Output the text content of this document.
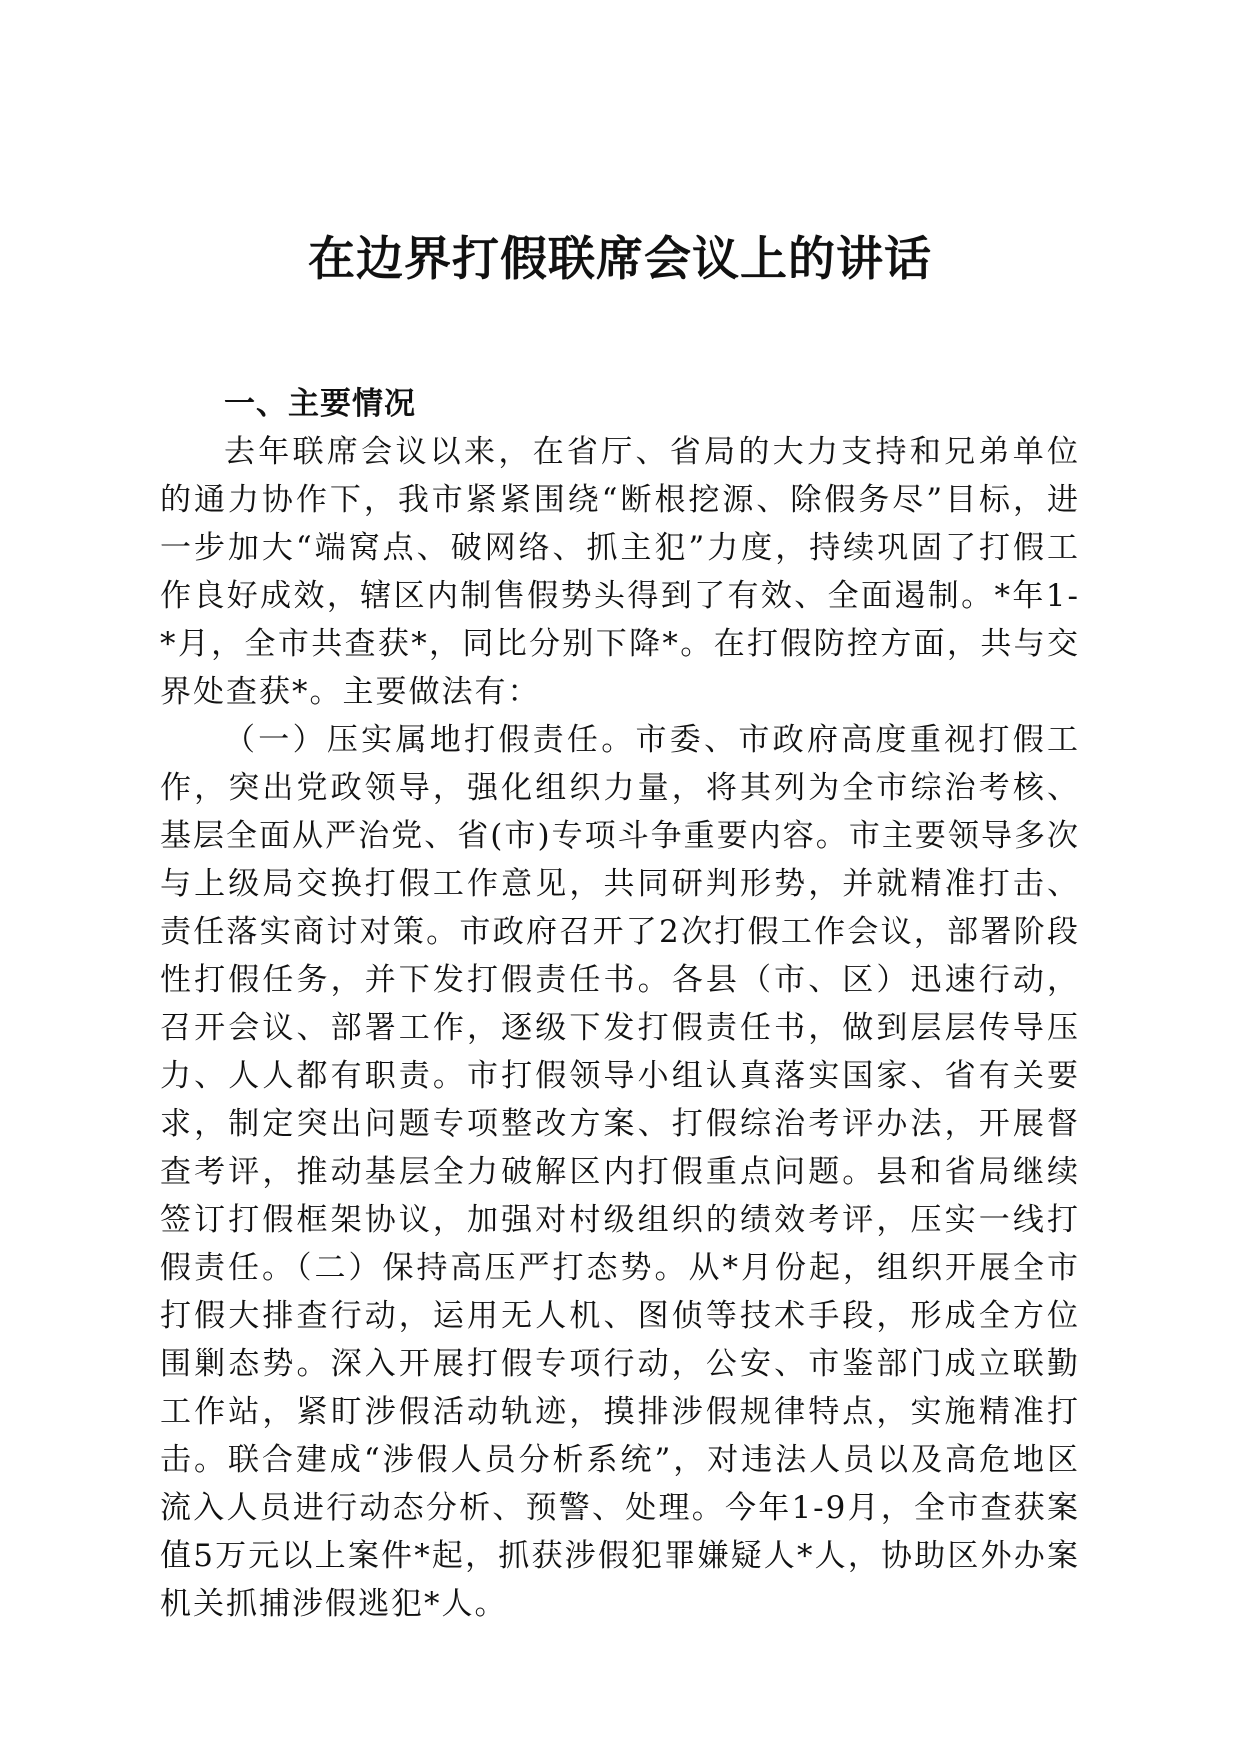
在边界打假联席会议上的讲话
一、主要情况

去年联席会议以来，在省厅、省局的大力支持和兄弟单位的通力协作下，我市紧紧围绕“断根挖源、除假务尽”目标，进一步加大“端窝点、破网络、抓主犯”力度，持续巩固了打假工作良好成效，辖区内制售假势头得到了有效、全面遏制。*年1-*月，全市共查获*，同比分别下降*。在打假防控方面，共与交界处查获*。主要做法有：

（一）压实属地打假责任。市委、市政府高度重视打假工作，突出党政领导，强化组织力量，将其列为全市综治考核、基层全面从严治党、省(市)专项斗争重要内容。市主要领导多次与上级局交换打假工作意见，共同研判形势，并就精准打击、责任落实商讨对策。市政府召开了2次打假工作会议，部署阶段性打假任务，并下发打假责任书。各县（市、区）迅速行动，召开会议、部署工作，逐级下发打假责任书，做到层层传导压力、人人都有职责。市打假领导小组认真落实国家、省有关要求，制定突出问题专项整改方案、打假综治考评办法，开展督查考评，推动基层全力破解区内打假重点问题。县和省局继续签订打假框架协议，加强对村级组织的绩效考评，压实一线打假责任。（二）保持高压严打态势。从*月份起，组织开展全市打假大排查行动，运用无人机、图侦等技术手段，形成全方位围剿态势。深入开展打假专项行动，公安、市鉴部门成立联勤工作站，紧盯涉假活动轨迹，摸排涉假规律特点，实施精准打击。联合建成“涉假人员分析系统”，对违法人员以及高危地区流入人员进行动态分析、预警、处理。今年1-9月，全市查获案值5万元以上案件*起，抓获涉假犯罪嫌疑人*人，协助区外办案机关抓捕涉假逃犯*人。
